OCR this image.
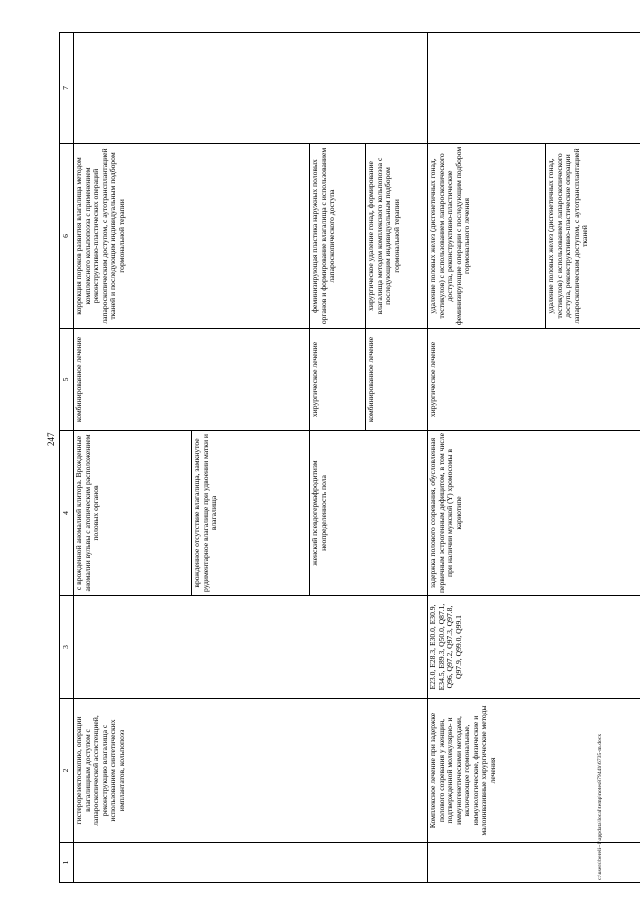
247
1	2	3	4	5	6	7
	гистерорезектоскопию, операции влагалищным доступом с лапароскопической ассистенцией, реконструкцию влагалища с использованием синтетических имплантатов, кольпопоэз		с врожденной аномалией клитора. Врожденные аномалии вульвы с атопическим расположением половых органов	комбинированное лечение	коррекция пороков развития влагалища методом комплексного кольпопоэза с применением реконструктивно-пластических операций лапароскопическим доступом, с аутотрансплантацией тканей и последующим индивидуальным подбором гормональной терапии	
			врожденное отсутствие влагалища, замкнутое рудиментарное влагалище при удвоении матки и влагалища			
			женский псевдогермафродитизм неопределенность пола	хирургическое лечение	феминизирующая пластика наружных половых органов и формирование влагалища с использованием лапароскопического доступа	
				комбинированное лечение	хирургическое удаление гонад, формирование влагалища методом комплексного кольпопоэза с последующим индивидуальным подбором гормональной терапии	
	Комплексное лечение при задержке полового созревания у женщин, подтвержденной молекулярно- и иммуногенетическими методами, включающее гормональные, иммунологические, физические и малоинвазивные хирургические методы лечения	E23.0, E28.3, E30.0, E30.9, E34.5, E89.3, Q50.0, Q87.1, Q96, Q97.2, Q97.3, Q97.8, Q97.9, Q99.0, Q99.1	задержка полового созревания, обусловленная первичным эстрогенным дефицитом, в том числе при наличии мужской (Y) хромосомы в кариотипе	хирургическое лечение	удаление половых желез (дисгенетичных гонад, тестикулов) с использованием лапароскопического доступа, реконструктивно-пластические феминизирующие операции с последующим подбором гормонального лечения	
					удаление половых желез (дисгенетичных гонад, тестикулов) с использованием лапароскопического доступа, реконструктивно-пластические операции лапароскопическим доступом, с аутотрансплантацией тканей	
c:\users\bereli~1\appdata\local\temp\notes87944b\6735-m.docx
